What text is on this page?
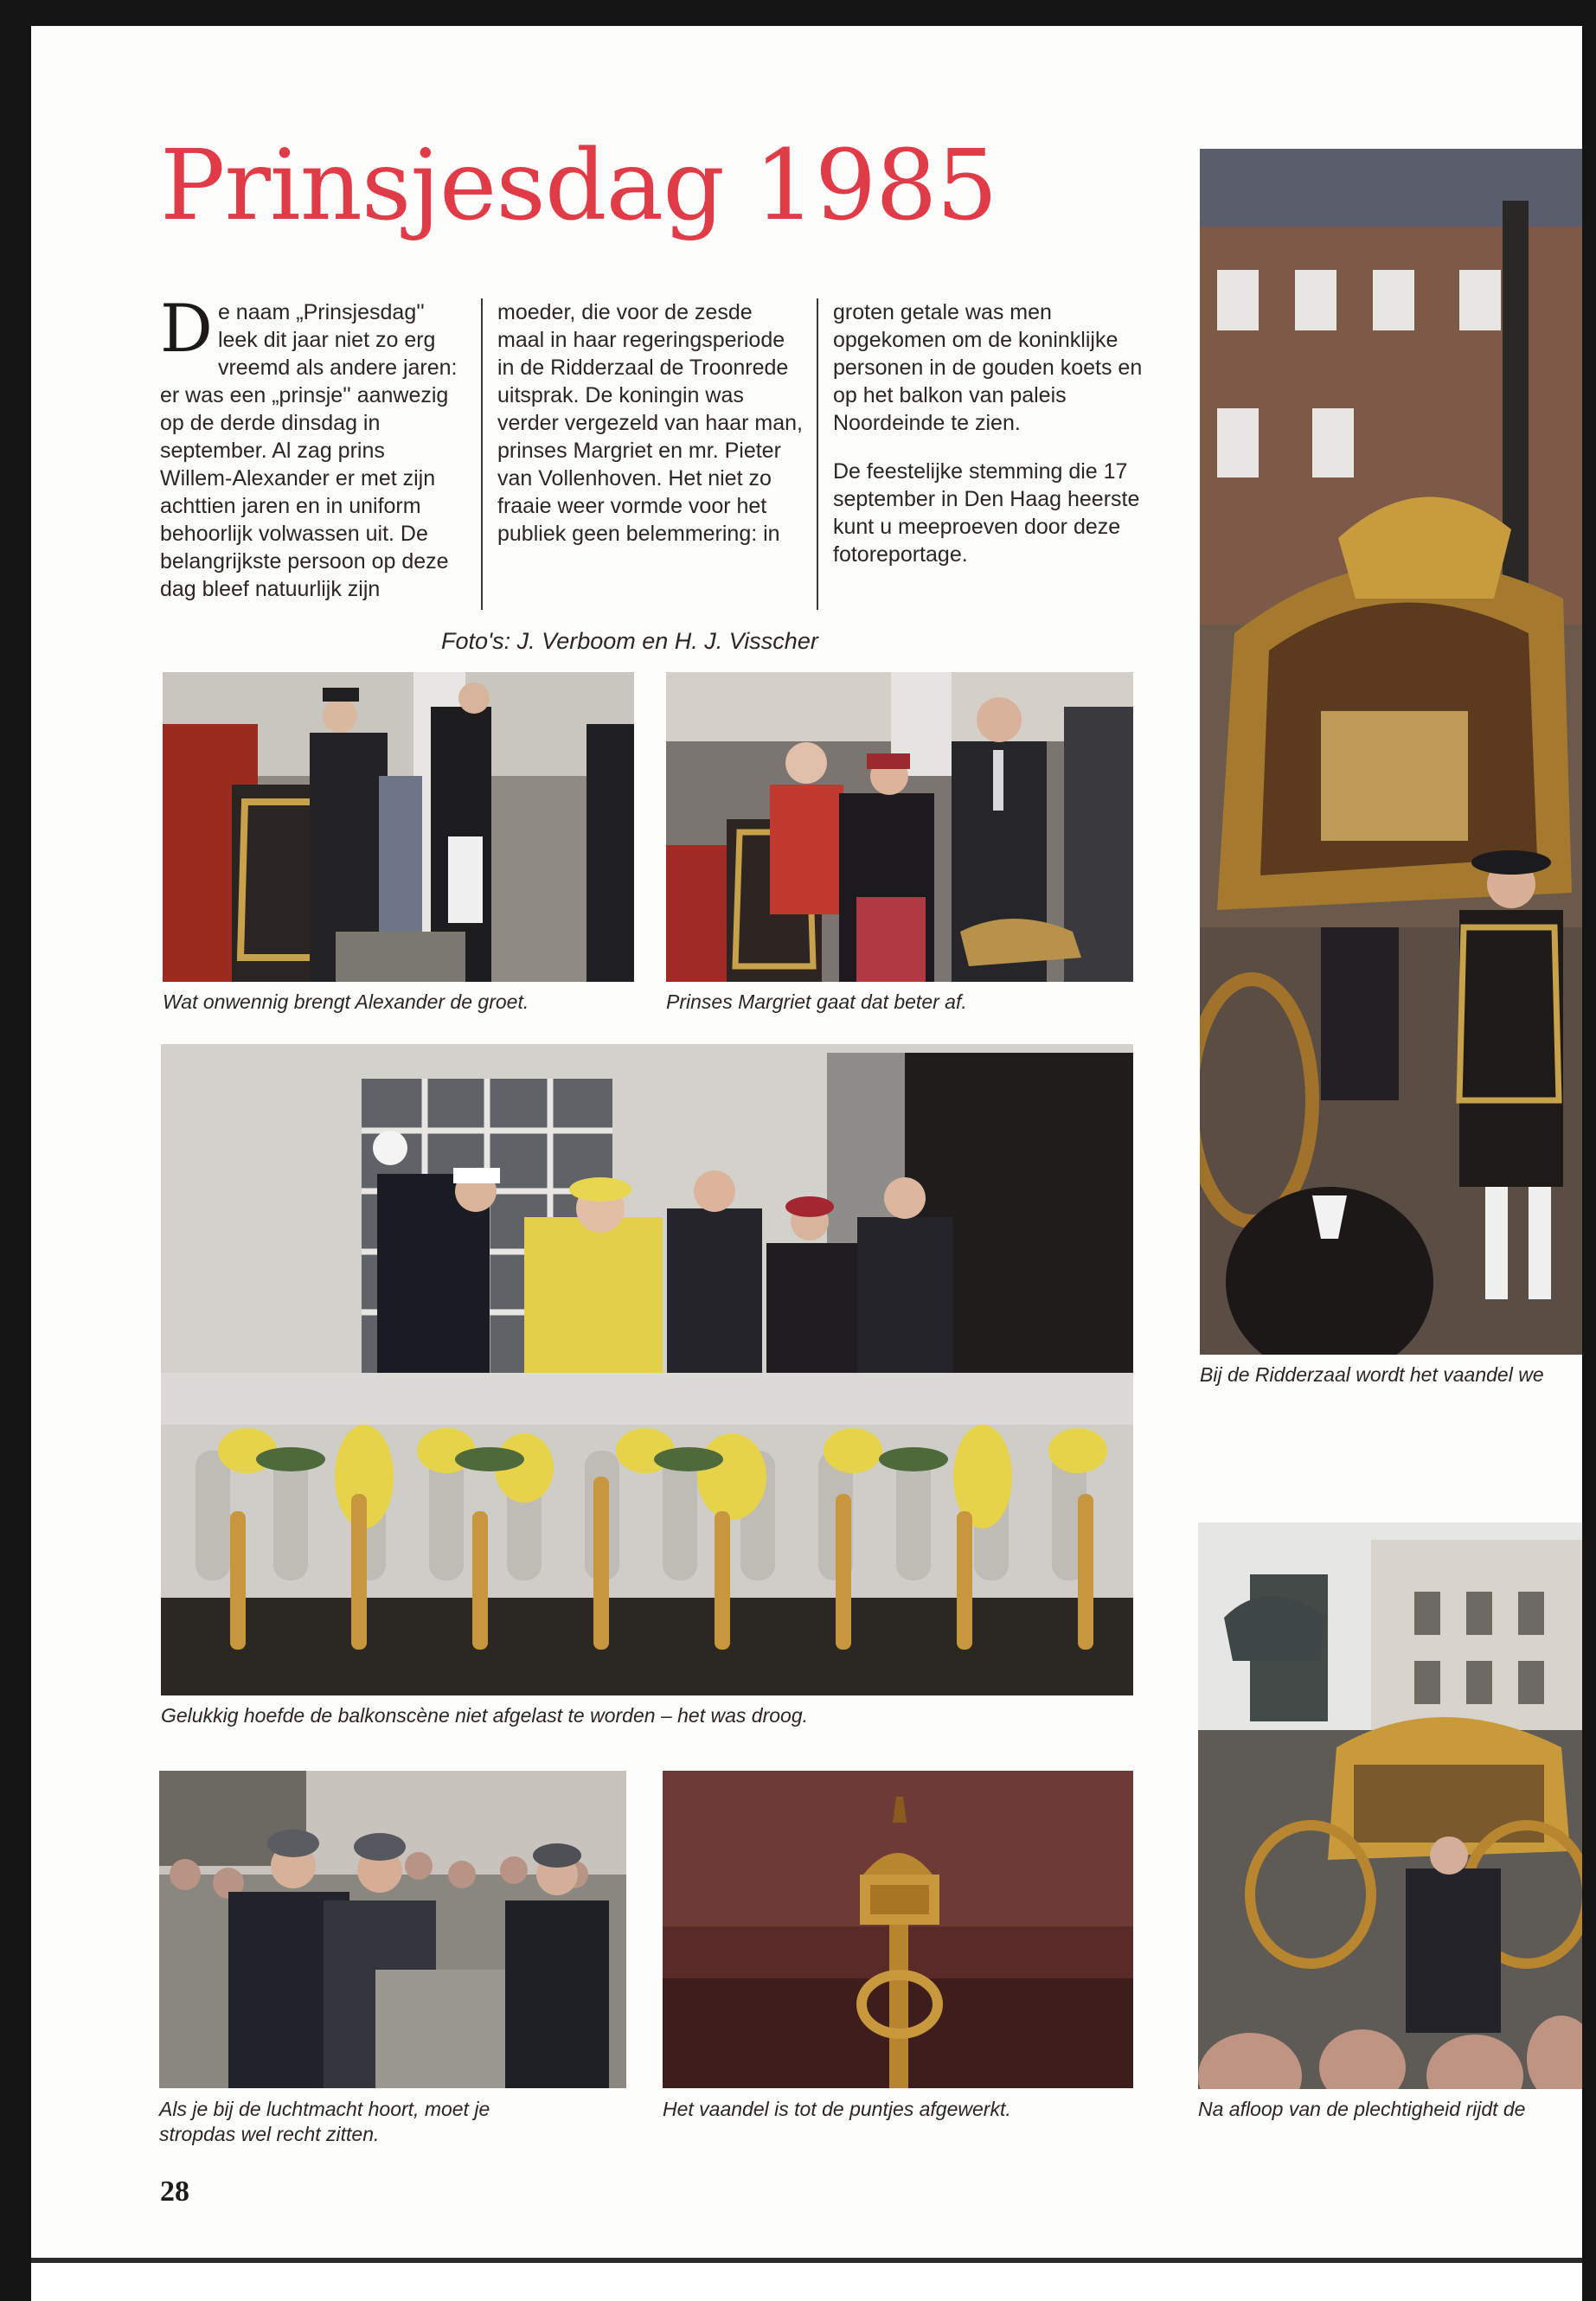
Prinsjesdag 1985
D e naam „Prinsjesdag'' leek dit jaar niet zo erg vreemd als andere jaren: er was een „prinsje'' aanwezig op de derde dinsdag in september. Al zag prins Willem-Alexander er met zijn achttien jaren en in uniform behoorlijk volwassen uit. De belangrijkste persoon op deze dag bleef natuurlijk zijn
moeder, die voor de zesde maal in haar regeringsperiode in de Ridderzaal de Troonrede uitsprak. De koningin was verder vergezeld van haar man, prinses Margriet en mr. Pieter van Vollenhoven. Het niet zo fraaie weer vormde voor het publiek geen belemmering: in

groten getale was men opgekomen om de koninklijke personen in de gouden koets en op het balkon van paleis Noordeinde te zien.

De feestelijke stemming die 17 september in Den Haag heerste kunt u meeproeven door deze fotoreportage.

Foto's: J. Verboom en H. J. Visscher
Wat onwennig brengt Alexander de groet.	Prinses Margriet gaat dat beter af.
Gelukkig hoefde de balkonscène niet afgelast te worden – het was droog.
Als je bij de luchtmacht hoort, moet je
stropdas wel recht zitten.
Het vaandel is tot de puntjes afgewerkt.
Bij de Ridderzaal wordt het vaandel we
Na afloop van de plechtigheid rijdt de
28
